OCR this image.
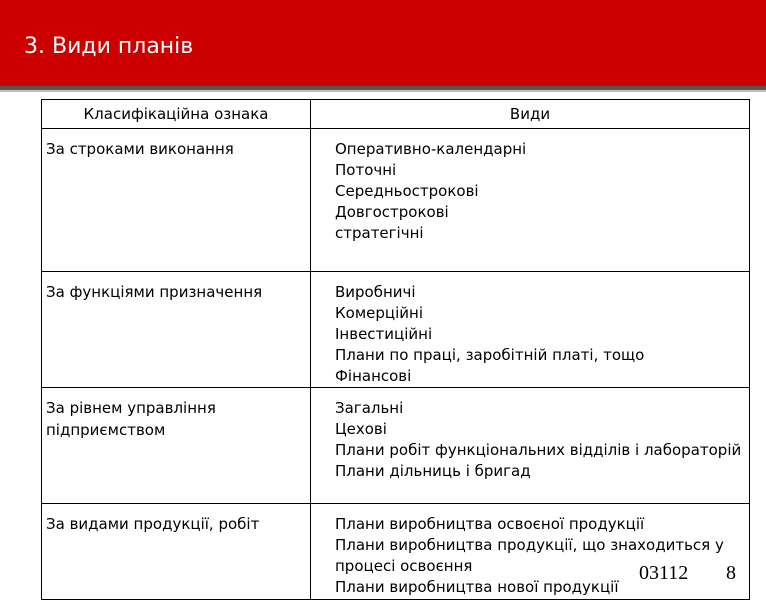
3. Види планів
Класифікаційна ознака	Види
За строками виконання	Оперативно-календарні
Поточні
Середньострокові
Довгострокові
стратегічні

За функціями призначення	Виробничі
Комерційні
Інвестиційні
Плани по праці, заробітній платі, тощо
Фінансові

За рівнем управління підприємством	Загальні
Цехові
Плани робіт функціональних відділів і лабораторій
Плани дільниць і бригад

За видами продукції, робіт	Плани виробництва освоєної продукції
Плани виробництва продукції, що знаходиться у процесі освоєння
Плани виробництва нової продукції
03112 8
